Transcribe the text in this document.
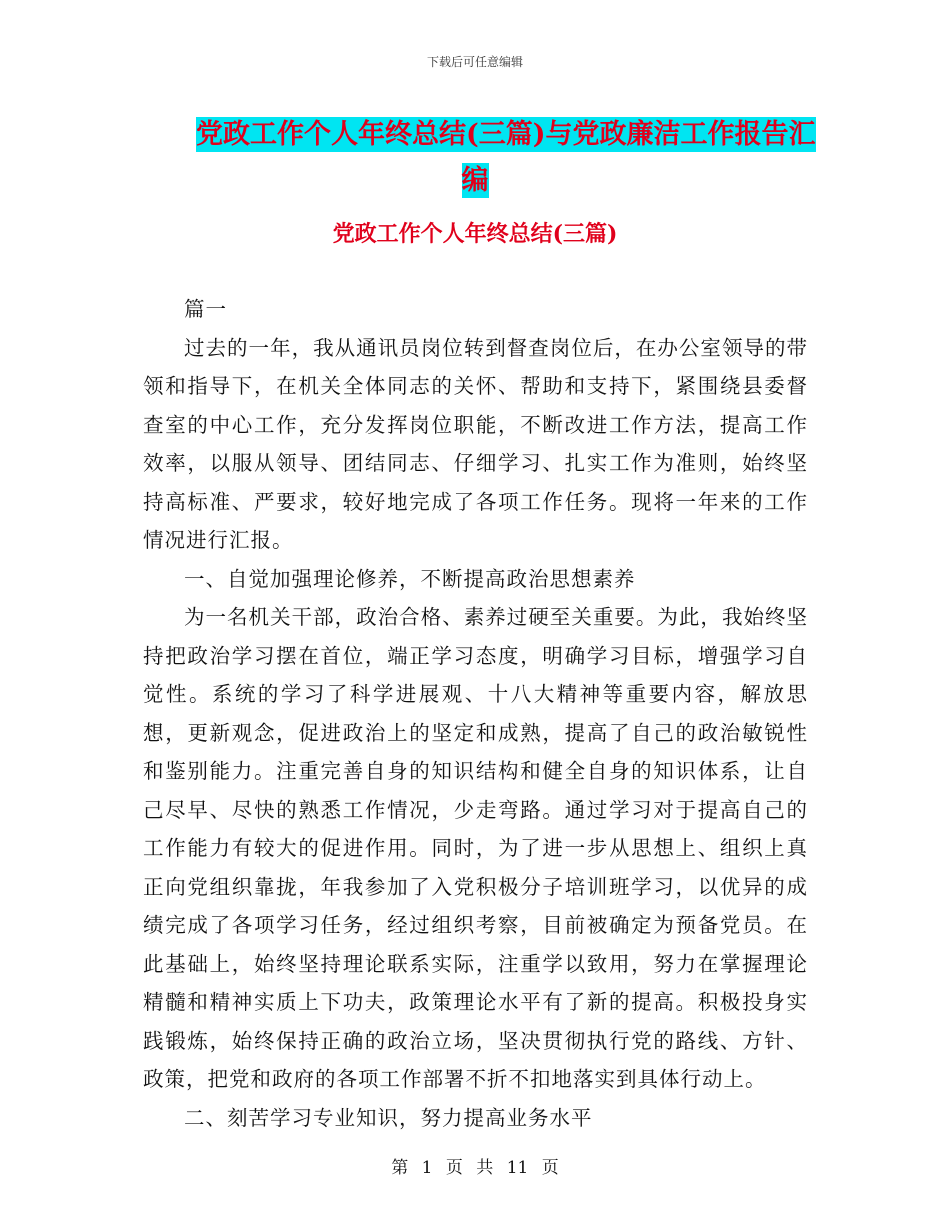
下载后可任意编辑
党政工作个人年终总结(三篇)与党政廉洁工作报告汇
编
党政工作个人年终总结(三篇)

篇一

过去的一年，我从通讯员岗位转到督查岗位后，在办公室领导的带领和指导下，在机关全体同志的关怀、帮助和支持下，紧围绕县委督查室的中心工作，充分发挥岗位职能，不断改进工作方法，提高工作效率，以服从领导、团结同志、仔细学习、扎实工作为准则，始终坚持高标准、严要求，较好地完成了各项工作任务。现将一年来的工作情况进行汇报。

一、自觉加强理论修养，不断提高政治思想素养

为一名机关干部，政治合格、素养过硬至关重要。为此，我始终坚持把政治学习摆在首位，端正学习态度，明确学习目标，增强学习自觉性。系统的学习了科学进展观、十八大精神等重要内容，解放思想，更新观念，促进政治上的坚定和成熟，提高了自己的政治敏锐性和鉴别能力。注重完善自身的知识结构和健全自身的知识体系，让自己尽早、尽快的熟悉工作情况，少走弯路。通过学习对于提高自己的工作能力有较大的促进作用。同时，为了进一步从思想上、组织上真正向党组织靠拢，年我参加了入党积极分子培训班学习，以优异的成绩完成了各项学习任务，经过组织考察，目前被确定为预备党员。在此基础上，始终坚持理论联系实际，注重学以致用，努力在掌握理论精髓和精神实质上下功夫，政策理论水平有了新的提高。积极投身实践锻炼，始终保持正确的政治立场，坚决贯彻执行党的路线、方针、政策，把党和政府的各项工作部署不折不扣地落实到具体行动上。

二、刻苦学习专业知识，努力提高业务水平

第 1 页 共 11 页
